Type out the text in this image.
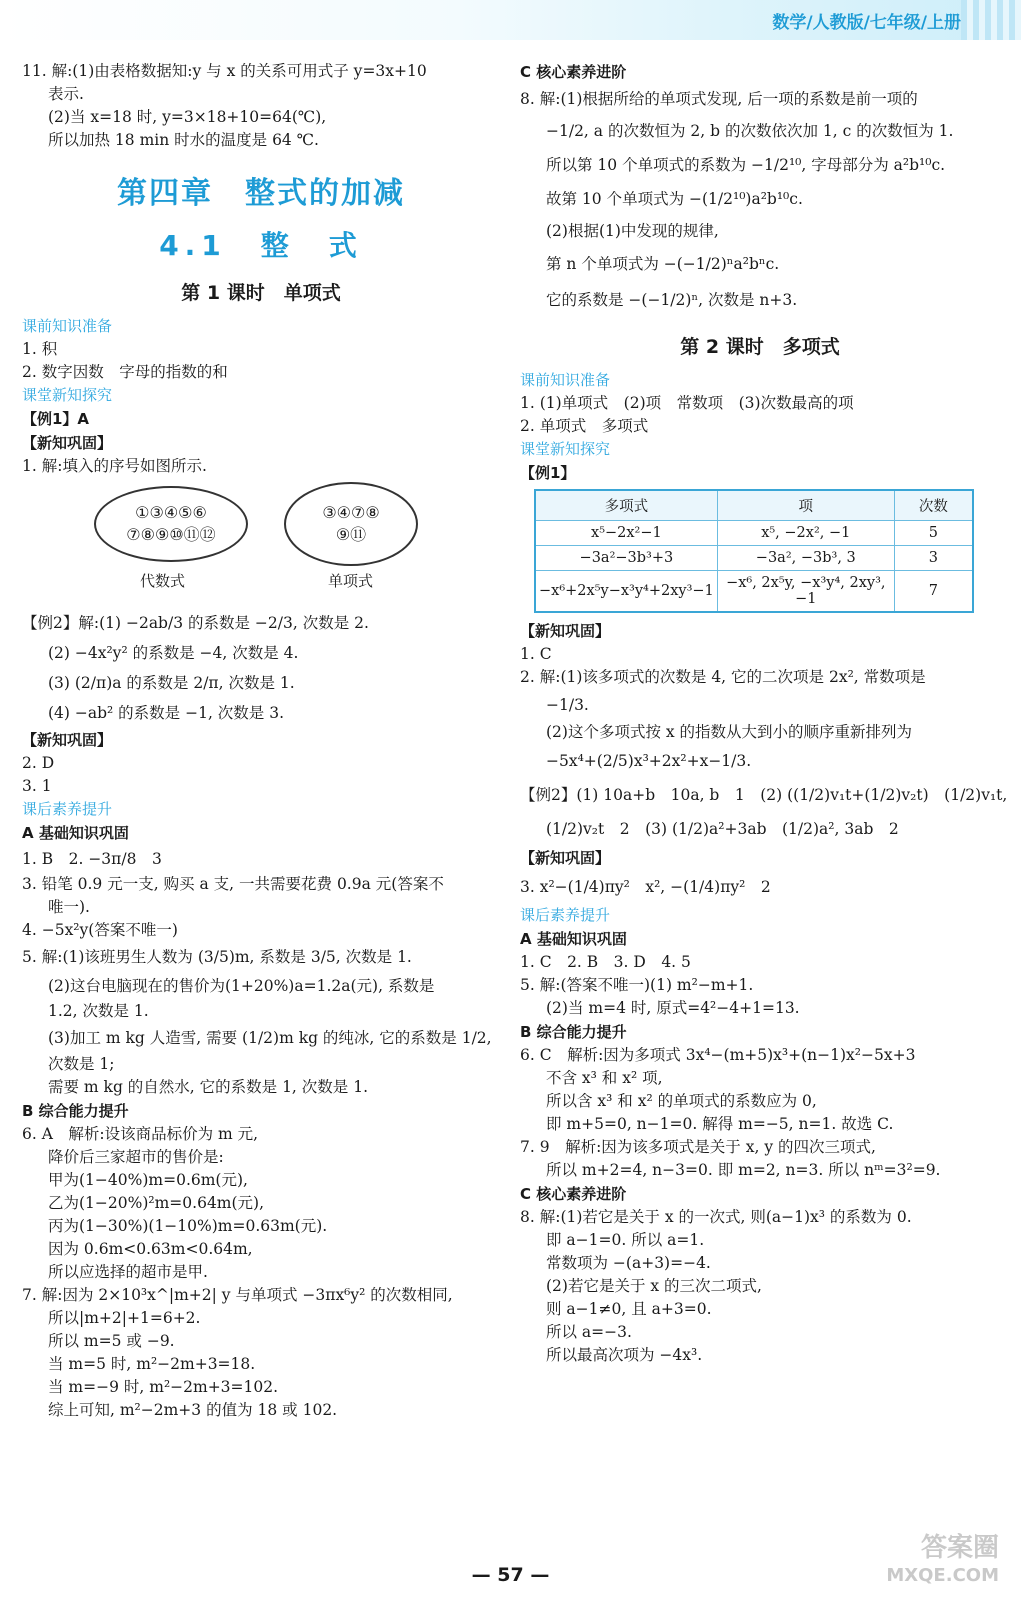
数学/人教版/七年级/上册
11. 解:(1)由表格数据知:y 与 x 的关系可用式子 y=3x+10
表示.
(2)当 x=18 时, y=3×18+10=64(℃),
所以加热 18 min 时水的温度是 64 ℃.
第四章　整式的加减
4.1　整　式
第 1 课时　单项式
课前知识准备
1. 积
2. 数字因数　字母的指数的和
课堂新知探究
【例1】A
【新知巩固】
1. 解:填入的序号如图所示.
①③④⑤⑥
⑦⑧⑨⑩⑪⑫
代数式
③④⑦⑧
⑨⑪
单项式
【例2】解:(1) −2ab/3 的系数是 −2/3, 次数是 2.
(2) −4x²y² 的系数是 −4, 次数是 4.
(3) (2/π)a 的系数是 2/π, 次数是 1.
(4) −ab² 的系数是 −1, 次数是 3.
【新知巩固】
2. D
3. 1
课后素养提升
A 基础知识巩固
1. B　2. −3π/8　3
3. 铅笔 0.9 元一支, 购买 a 支, 一共需要花费 0.9a 元(答案不
唯一).
4. −5x²y(答案不唯一)
5. 解:(1)该班男生人数为 (3/5)m, 系数是 3/5, 次数是 1.
(2)这台电脑现在的售价为(1+20%)a=1.2a(元), 系数是
1.2, 次数是 1.
(3)加工 m kg 人造雪, 需要 (1/2)m kg 的纯冰, 它的系数是 1/2,
次数是 1;
需要 m kg 的自然水, 它的系数是 1, 次数是 1.
B 综合能力提升
6. A　解析:设该商品标价为 m 元,
降价后三家超市的售价是:
甲为(1−40%)m=0.6m(元),
乙为(1−20%)²m=0.64m(元),
丙为(1−30%)(1−10%)m=0.63m(元).
因为 0.6m<0.63m<0.64m,
所以应选择的超市是甲.
7. 解:因为 2×10³x^|m+2| y 与单项式 −3πx⁶y² 的次数相同,
所以|m+2|+1=6+2.
所以 m=5 或 −9.
当 m=5 时, m²−2m+3=18.
当 m=−9 时, m²−2m+3=102.
综上可知, m²−2m+3 的值为 18 或 102.
C 核心素养进阶
8. 解:(1)根据所给的单项式发现, 后一项的系数是前一项的
−1/2, a 的次数恒为 2, b 的次数依次加 1, c 的次数恒为 1.
所以第 10 个单项式的系数为 −1/2¹⁰, 字母部分为 a²b¹⁰c.
故第 10 个单项式为 −(1/2¹⁰)a²b¹⁰c.
(2)根据(1)中发现的规律,
第 n 个单项式为 −(−1/2)ⁿa²bⁿc.
它的系数是 −(−1/2)ⁿ, 次数是 n+3.
第 2 课时　多项式
课前知识准备
1. (1)单项式　(2)项　常数项　(3)次数最高的项
2. 单项式　多项式
课堂新知探究
【例1】
多项式	项	次数
x⁵−2x²−1	x⁵, −2x², −1	5
−3a²−3b³+3	−3a², −3b³, 3	3
−x⁶+2x⁵y−x³y⁴+2xy³−1	−x⁶, 2x⁵y, −x³y⁴, 2xy³, −1	7
【新知巩固】
1. C
2. 解:(1)该多项式的次数是 4, 它的二次项是 2x², 常数项是
−1/3.
(2)这个多项式按 x 的指数从大到小的顺序重新排列为
−5x⁴+(2/5)x³+2x²+x−1/3.
【例2】(1) 10a+b　10a, b　1　(2) ((1/2)v₁t+(1/2)v₂t)　(1/2)v₁t,
(1/2)v₂t　2　(3) (1/2)a²+3ab　(1/2)a², 3ab　2
【新知巩固】
3. x²−(1/4)πy²　x², −(1/4)πy²　2
课后素养提升
A 基础知识巩固
1. C　2. B　3. D　4. 5
5. 解:(答案不唯一)(1) m²−m+1.
(2)当 m=4 时, 原式=4²−4+1=13.
B 综合能力提升
6. C　解析:因为多项式 3x⁴−(m+5)x³+(n−1)x²−5x+3
不含 x³ 和 x² 项,
所以含 x³ 和 x² 的单项式的系数应为 0,
即 m+5=0, n−1=0. 解得 m=−5, n=1. 故选 C.
7. 9　解析:因为该多项式是关于 x, y 的四次三项式,
所以 m+2=4, n−3=0. 即 m=2, n=3. 所以 nᵐ=3²=9.
C 核心素养进阶
8. 解:(1)若它是关于 x 的一次式, 则(a−1)x³ 的系数为 0.
即 a−1=0. 所以 a=1.
常数项为 −(a+3)=−4.
(2)若它是关于 x 的三次二项式,
则 a−1≠0, 且 a+3=0.
所以 a=−3.
所以最高次项为 −4x³.
— 57 —
答案圈
MXQE.COM
